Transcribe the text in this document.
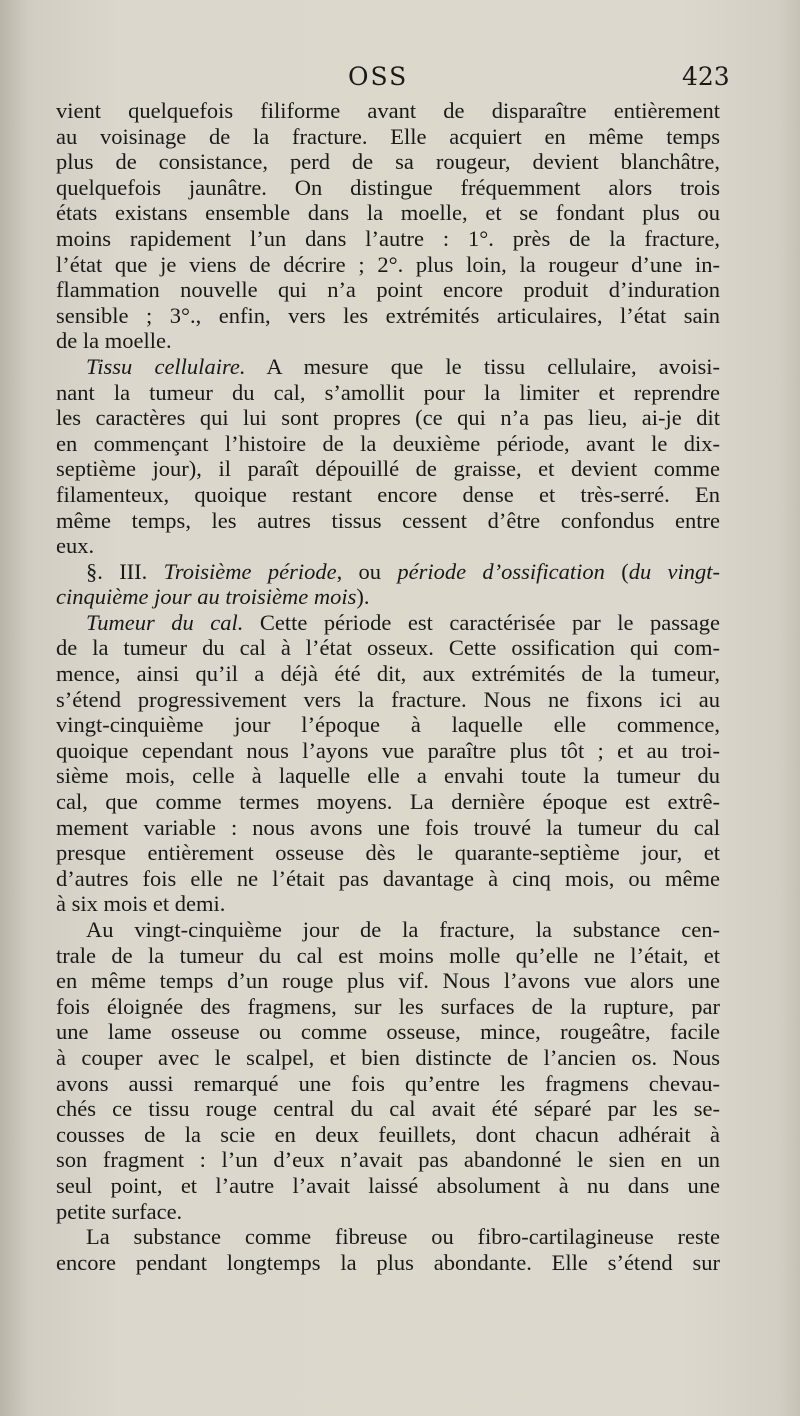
OSS	423
vient quelquefois filiforme avant de disparaître entièrement
au voisinage de la fracture. Elle acquiert en même temps
plus de consistance, perd de sa rougeur, devient blanchâtre,
quelquefois jaunâtre. On distingue fréquemment alors trois
états existans ensemble dans la moelle, et se fondant plus ou
moins rapidement l’un dans l’autre : 1°. près de la fracture,
l’état que je viens de décrire ; 2°. plus loin, la rougeur d’une in-
flammation nouvelle qui n’a point encore produit d’induration
sensible ; 3°., enfin, vers les extrémités articulaires, l’état sain
de la moelle.
Tissu cellulaire. A mesure que le tissu cellulaire, avoisi-
nant la tumeur du cal, s’amollit pour la limiter et reprendre
les caractères qui lui sont propres (ce qui n’a pas lieu, ai-je dit
en commençant l’histoire de la deuxième période, avant le dix-
septième jour), il paraît dépouillé de graisse, et devient comme
filamenteux, quoique restant encore dense et très-serré. En
même temps, les autres tissus cessent d’être confondus entre
eux.
§. III. Troisième période, ou période d’ossification (du vingt-
cinquième jour au troisième mois).
Tumeur du cal. Cette période est caractérisée par le passage
de la tumeur du cal à l’état osseux. Cette ossification qui com-
mence, ainsi qu’il a déjà été dit, aux extrémités de la tumeur,
s’étend progressivement vers la fracture. Nous ne fixons ici au
vingt-cinquième jour l’époque à laquelle elle commence,
quoique cependant nous l’ayons vue paraître plus tôt ; et au troi-
sième mois, celle à laquelle elle a envahi toute la tumeur du
cal, que comme termes moyens. La dernière époque est extrê-
mement variable : nous avons une fois trouvé la tumeur du cal
presque entièrement osseuse dès le quarante-septième jour, et
d’autres fois elle ne l’était pas davantage à cinq mois, ou même
à six mois et demi.
Au vingt-cinquième jour de la fracture, la substance cen-
trale de la tumeur du cal est moins molle qu’elle ne l’était, et
en même temps d’un rouge plus vif. Nous l’avons vue alors une
fois éloignée des fragmens, sur les surfaces de la rupture, par
une lame osseuse ou comme osseuse, mince, rougeâtre, facile
à couper avec le scalpel, et bien distincte de l’ancien os. Nous
avons aussi remarqué une fois qu’entre les fragmens chevau-
chés ce tissu rouge central du cal avait été séparé par les se-
cousses de la scie en deux feuillets, dont chacun adhérait à
son fragment : l’un d’eux n’avait pas abandonné le sien en un
seul point, et l’autre l’avait laissé absolument à nu dans une
petite surface.
La substance comme fibreuse ou fibro-cartilagineuse reste
encore pendant longtemps la plus abondante. Elle s’étend sur
